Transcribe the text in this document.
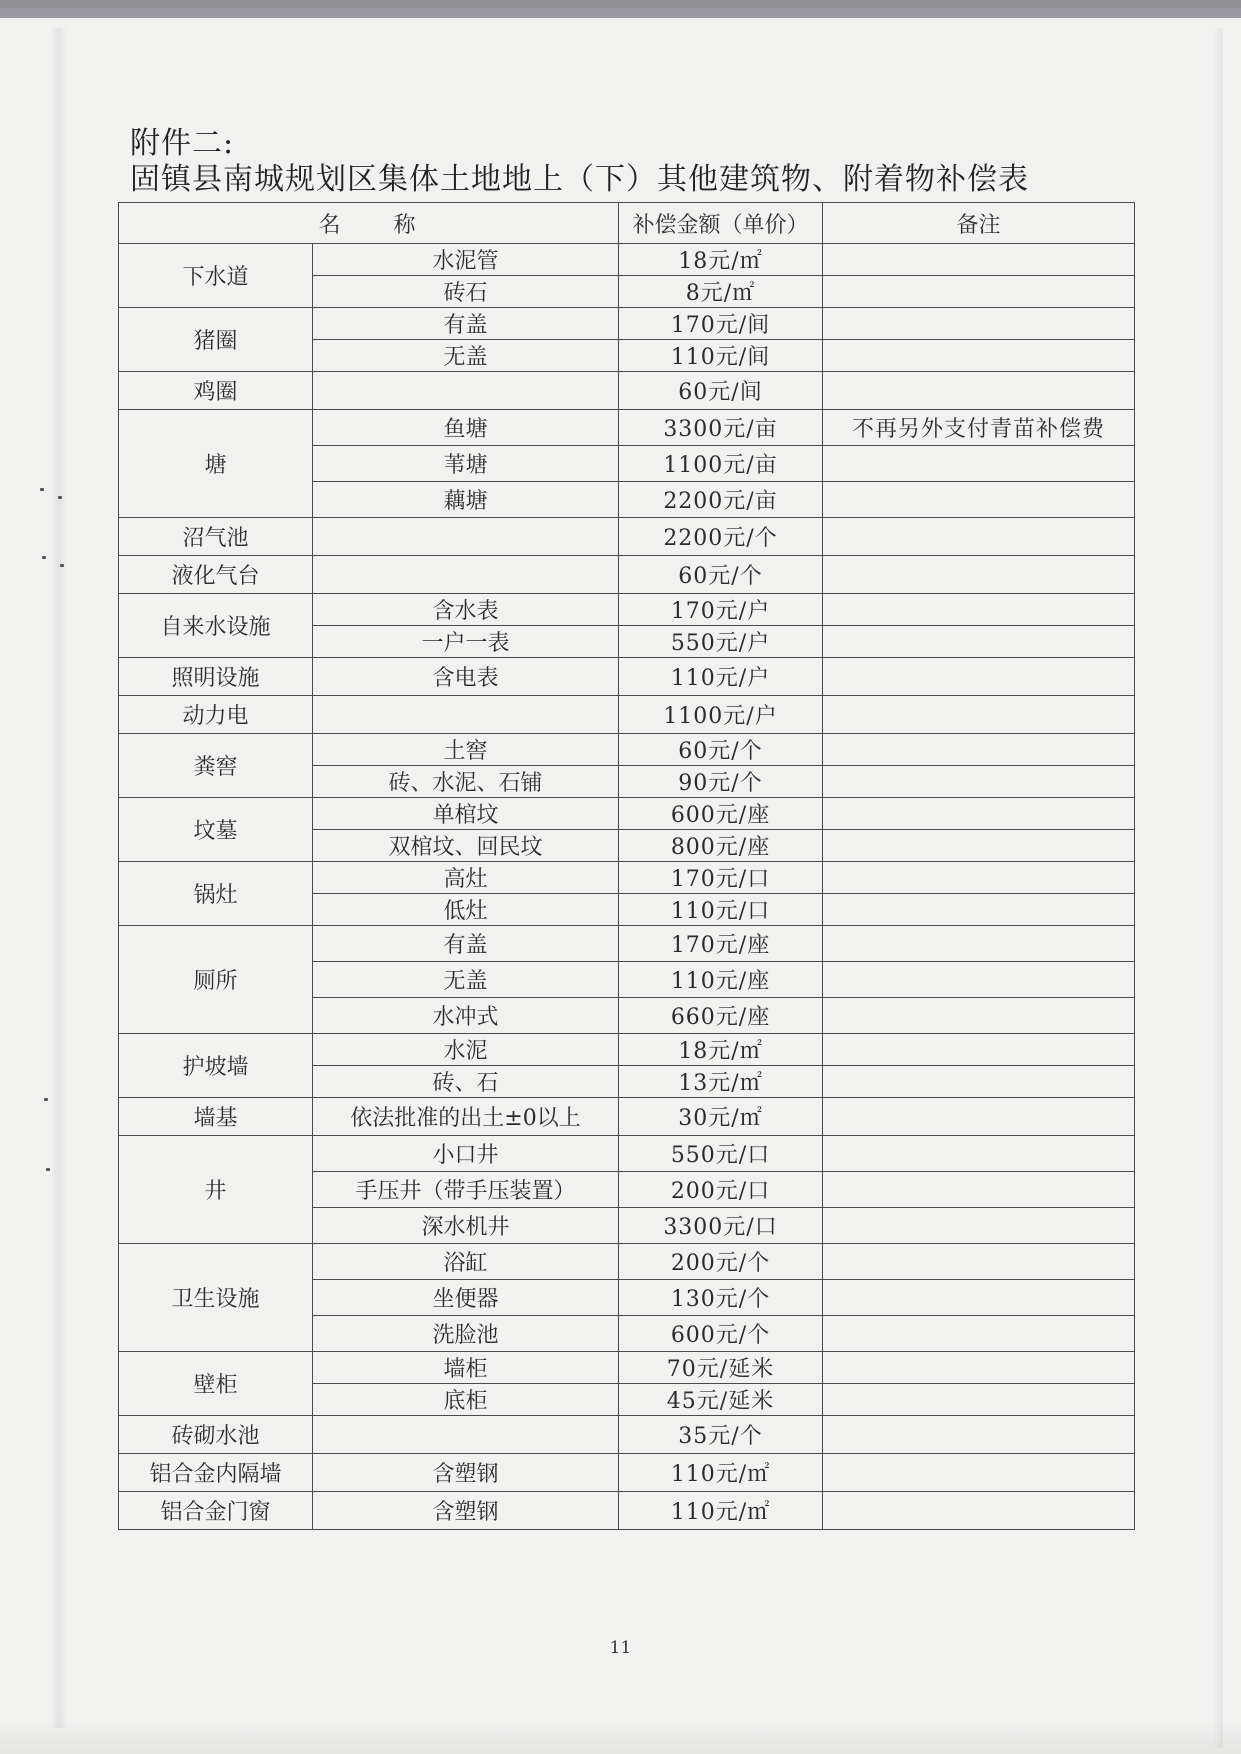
附件二:
固镇县南城规划区集体土地地上（下）其他建筑物、附着物补偿表
名　　称		补偿金额（单价）	备注
下水道	水泥管	18元/㎡	
	砖石	8元/㎡	
猪圈	有盖	170元/间	
	无盖	110元/间	
鸡圈		60元/间	
塘	鱼塘	3300元/亩	不再另外支付青苗补偿费
	苇塘	1100元/亩	
	藕塘	2200元/亩	
沼气池		2200元/个	
液化气台		60元/个	
自来水设施	含水表	170元/户	
	一户一表	550元/户	
照明设施	含电表	110元/户	
动力电		1100元/户	
粪窖	土窖	60元/个	
	砖、水泥、石铺	90元/个	
坟墓	单棺坟	600元/座	
	双棺坟、回民坟	800元/座	
锅灶	高灶	170元/口	
	低灶	110元/口	
厕所	有盖	170元/座	
	无盖	110元/座	
	水冲式	660元/座	
护坡墙	水泥	18元/㎡	
	砖、石	13元/㎡	
墙基	依法批准的出土±0以上	30元/㎡	
井	小口井	550元/口	
	手压井（带手压装置）	200元/口	
	深水机井	3300元/口	
卫生设施	浴缸	200元/个	
	坐便器	130元/个	
	洗脸池	600元/个	
壁柜	墙柜	70元/延米	
	底柜	45元/延米	
砖砌水池		35元/个	
铝合金内隔墙	含塑钢	110元/㎡	
铝合金门窗	含塑钢	110元/㎡	
11
